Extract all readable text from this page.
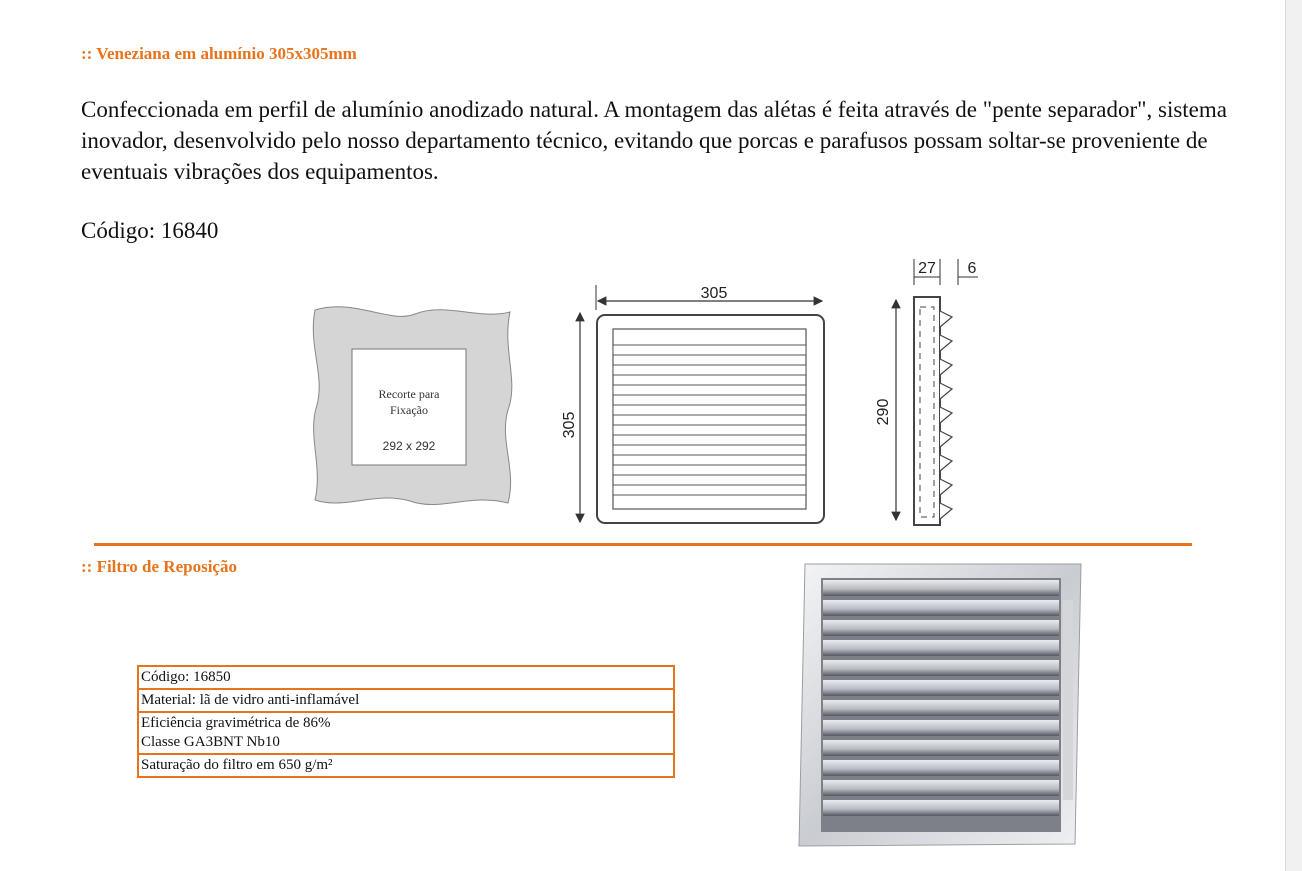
:: Veneziana em alumínio 305x305mm

Confeccionada em perfil de alumínio anodizado natural. A montagem das alétas é feita através de "pente separador", sistema inovador, desenvolvido pelo nosso departamento técnico, evitando que porcas e parafusos possam soltar-se proveniente de eventuais vibrações dos equipamentos.

Código: 16840

Recorte para
Fixação
292 x 292
305
305
27 6
290
:: Filtro de Reposição
Código: 16850

Material: lã de vidro anti-inflamável

Eficiência gravimétrica de 86%
Classe GA3BNT Nb10

Saturação do filtro em 650 g/m²
